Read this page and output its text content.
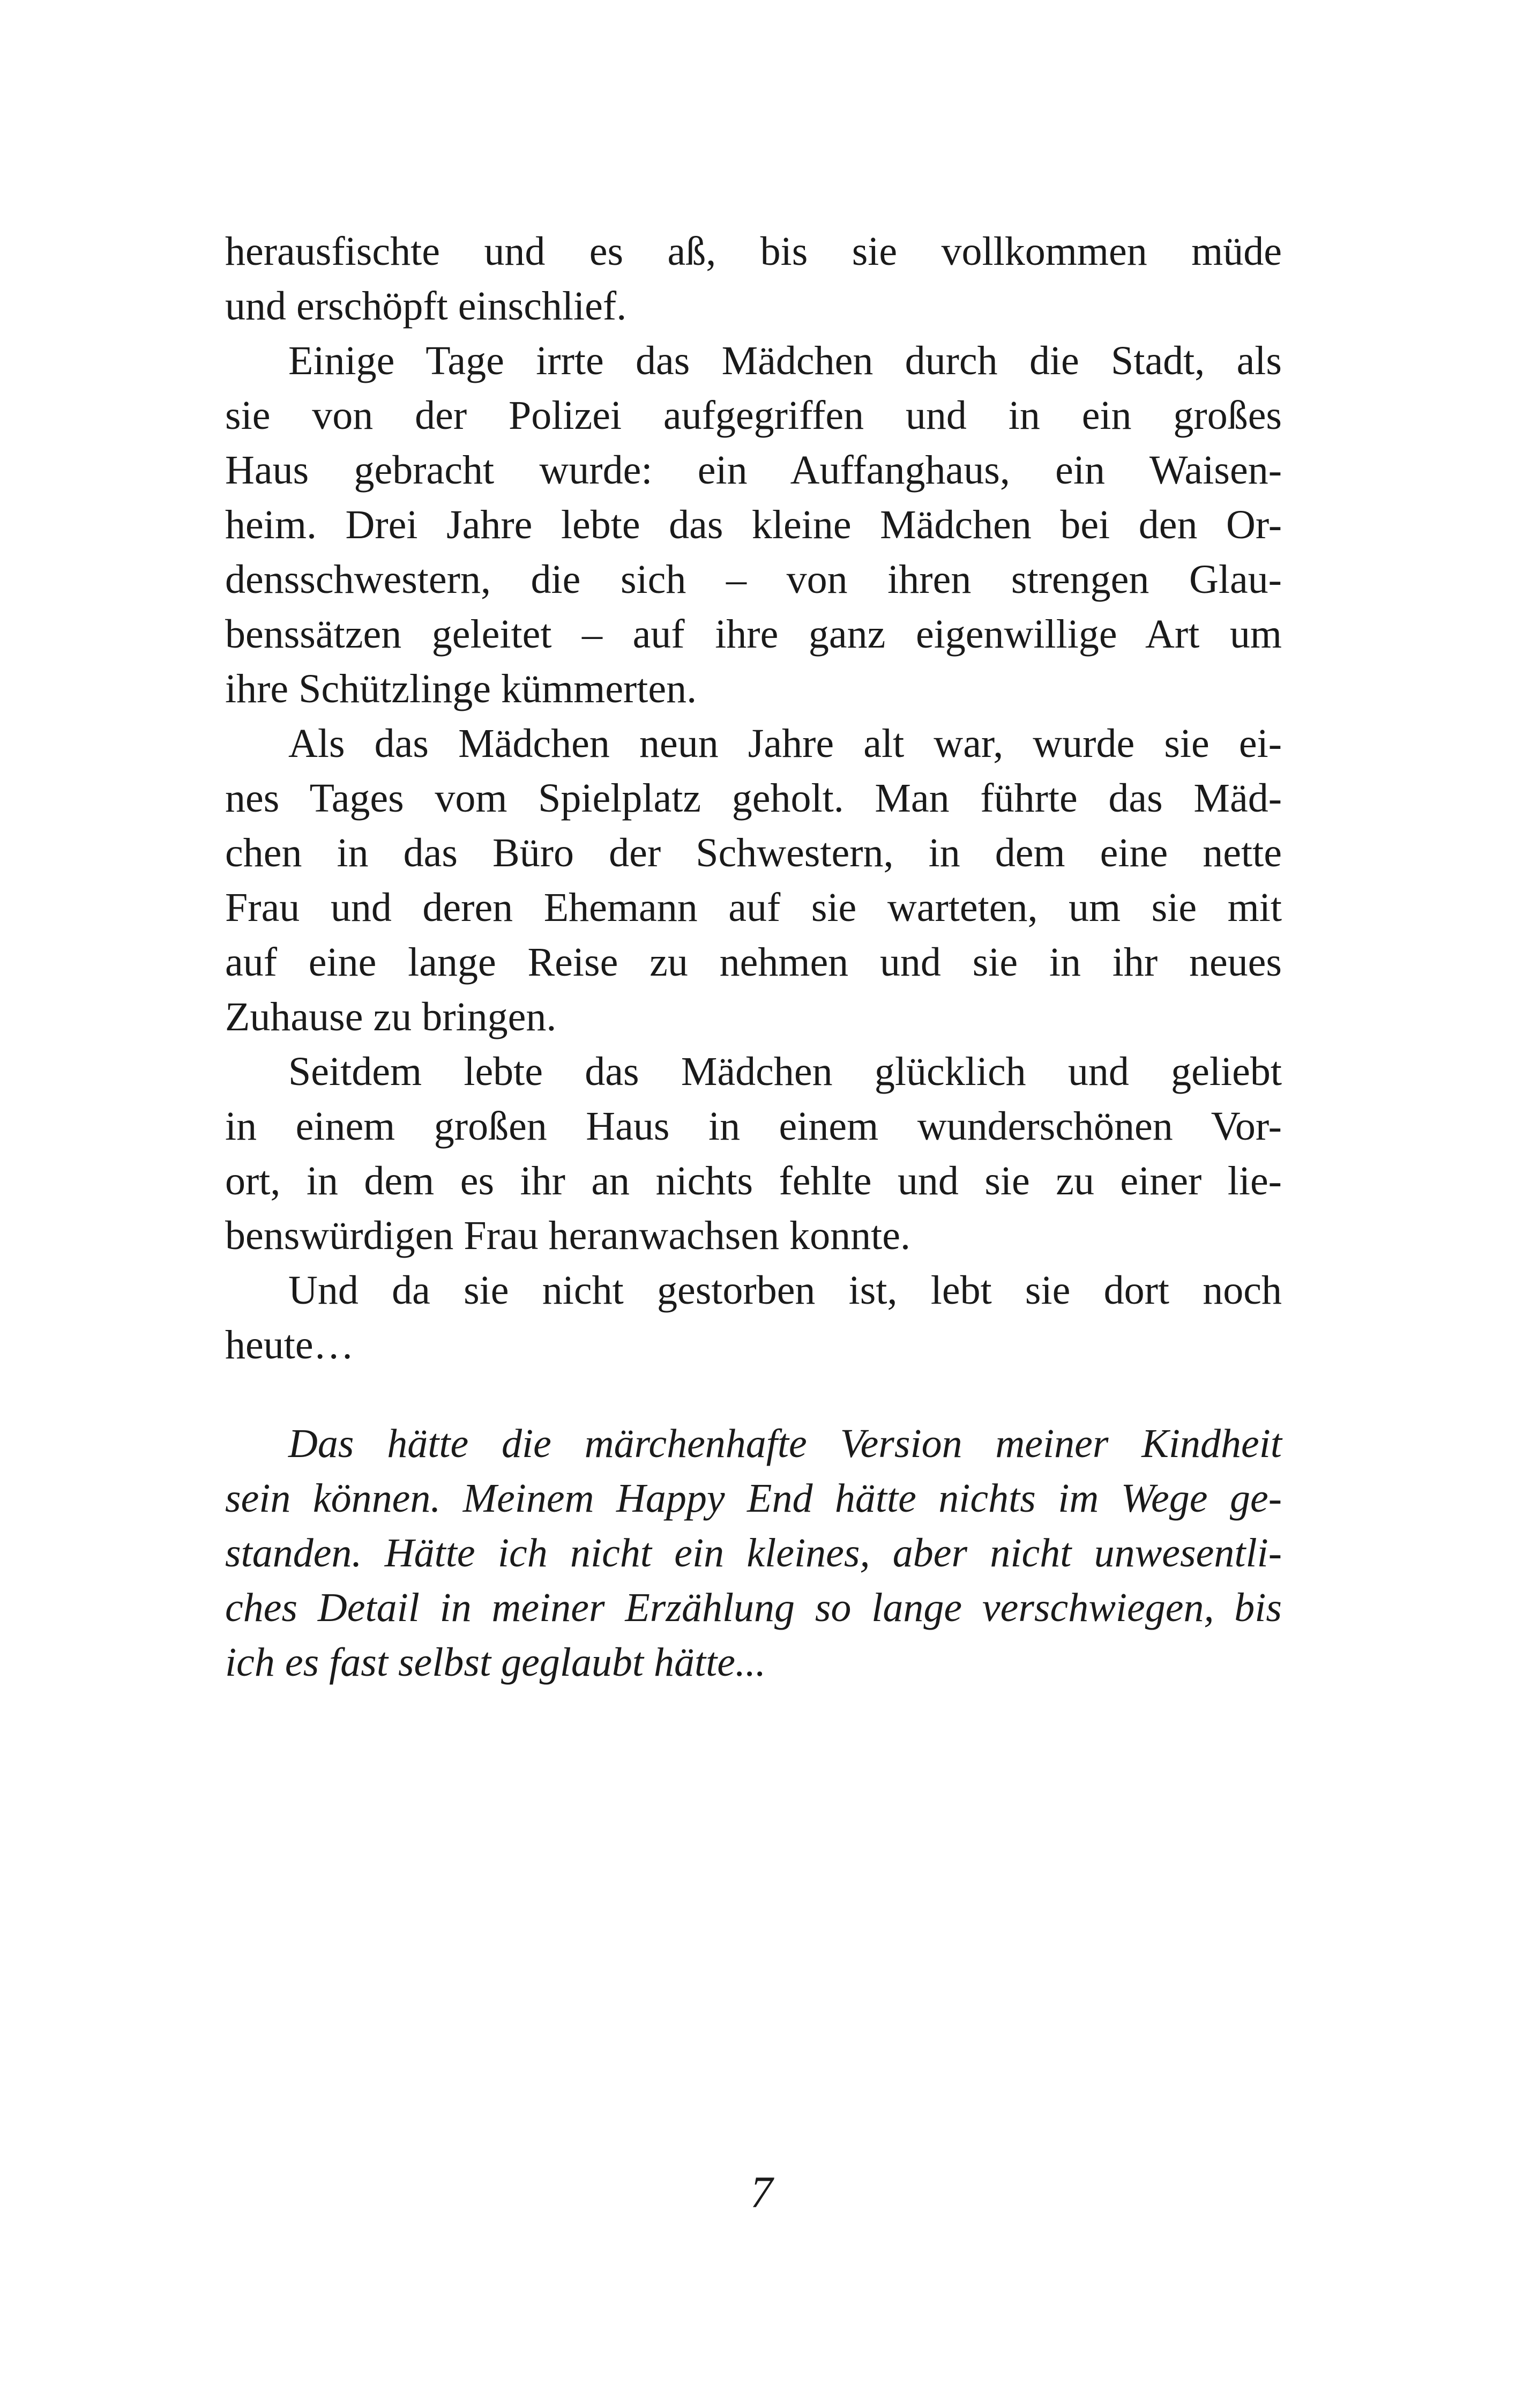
herausfischte und es aß, bis sie vollkommen müde
und erschöpft einschlief.
Einige Tage irrte das Mädchen durch die Stadt, als
sie von der Polizei aufgegriffen und in ein großes
Haus gebracht wurde: ein Auffanghaus, ein Waisen-
heim. Drei Jahre lebte das kleine Mädchen bei den Or-
densschwestern, die sich – von ihren strengen Glau-
benssätzen geleitet – auf ihre ganz eigenwillige Art um
ihre Schützlinge kümmerten.
Als das Mädchen neun Jahre alt war, wurde sie ei-
nes Tages vom Spielplatz geholt. Man führte das Mäd-
chen in das Büro der Schwestern, in dem eine nette
Frau und deren Ehemann auf sie warteten, um sie mit
auf eine lange Reise zu nehmen und sie in ihr neues
Zuhause zu bringen.
Seitdem lebte das Mädchen glücklich und geliebt
in einem großen Haus in einem wunderschönen Vor-
ort, in dem es ihr an nichts fehlte und sie zu einer lie-
benswürdigen Frau heranwachsen konnte.
Und da sie nicht gestorben ist, lebt sie dort noch
heute…
Das hätte die märchenhafte Version meiner Kindheit
sein können. Meinem Happy End hätte nichts im Wege ge-
standen. Hätte ich nicht ein kleines, aber nicht unwesentli-
ches Detail in meiner Erzählung so lange verschwiegen, bis
ich es fast selbst geglaubt hätte...
7
